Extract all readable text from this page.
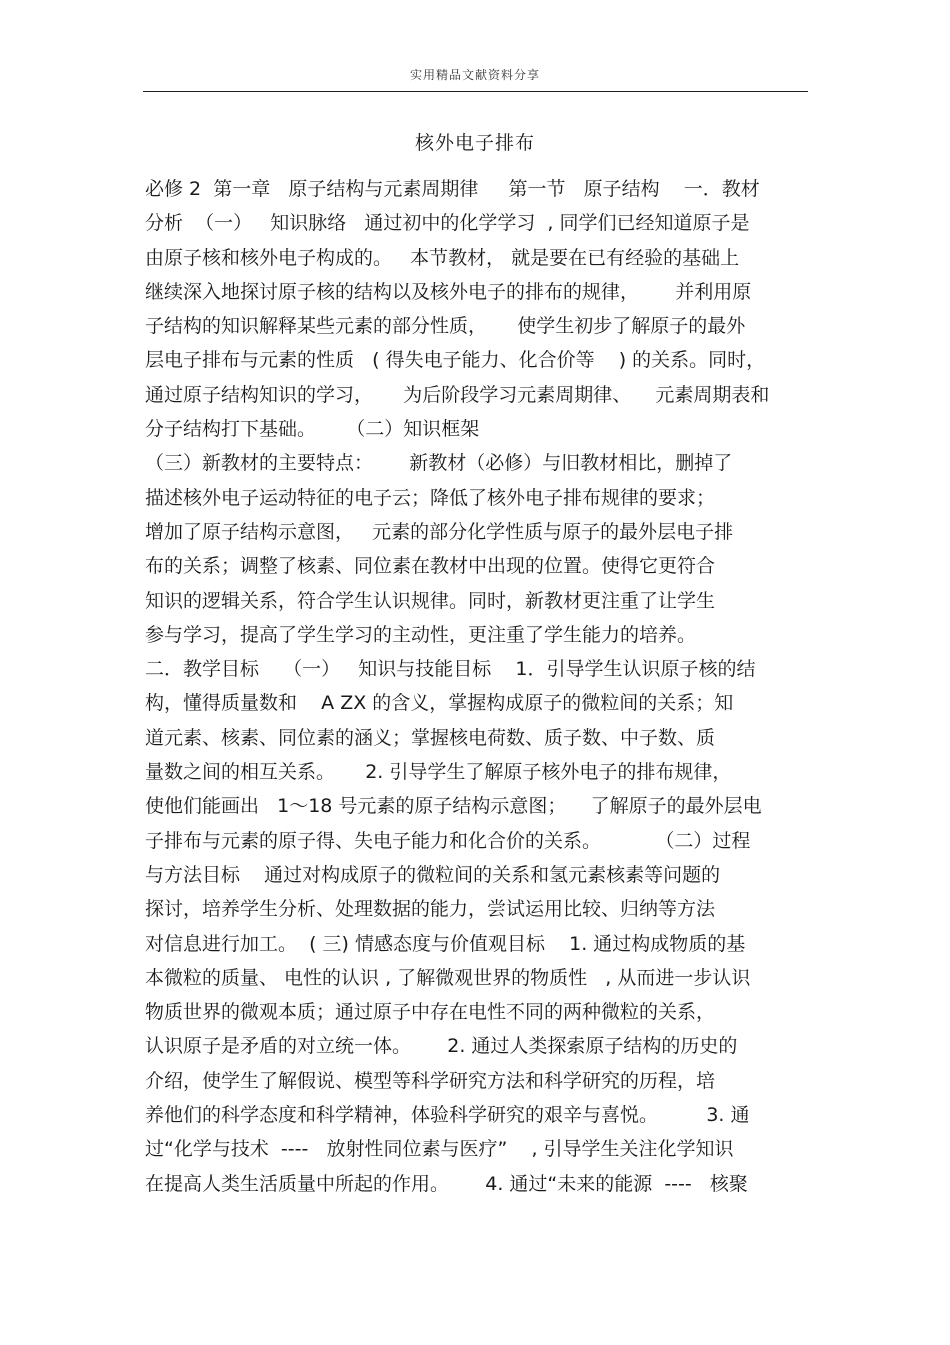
实用精品文献资料分享
核外电子排布
必修 2  第一章   原子结构与元素周期律     第一节   原子结构    一．教材
分析  （一）   知识脉络   通过初中的化学学习  , 同学们已经知道原子是
由原子核和核外电子构成的。   本节教材， 就是要在已有经验的基础上
继续深入地探讨原子核的结构以及核外电子的排布的规律，      并利用原
子结构的知识解释某些元素的部分性质，     使学生初步了解原子的最外
层电子排布与元素的性质   ( 得失电子能力、化合价等    ) 的关系。同时，
通过原子结构知识的学习，     为后阶段学习元素周期律、    元素周期表和
分子结构打下基础。     （二）知识框架
（三）新教材的主要特点：      新教材（必修）与旧教材相比，删掉了
描述核外电子运动特征的电子云；降低了核外电子排布规律的要求；
增加了原子结构示意图，   元素的部分化学性质与原子的最外层电子排
布的关系；调整了核素、同位素在教材中出现的位置。使得它更符合
知识的逻辑关系，符合学生认识规律。同时，新教材更注重了让学生
参与学习，提高了学生学习的主动性，更注重了学生能力的培养。
二．教学目标    （一）   知识与技能目标    1．引导学生认识原子核的结
构，懂得质量数和    A ZX 的含义，掌握构成原子的微粒间的关系；知
道元素、核素、同位素的涵义；掌握核电荷数、质子数、中子数、质
量数之间的相互关系。     2. 引导学生了解原子核外电子的排布规律，
使他们能画出   1～18 号元素的原子结构示意图；    了解原子的最外层电
子排布与元素的原子得、失电子能力和化合价的关系。         （二）过程
与方法目标    通过对构成原子的微粒间的关系和氢元素核素等问题的
探讨，培养学生分析、处理数据的能力，尝试运用比较、归纳等方法
对信息进行加工。  ( 三) 情感态度与价值观目标    1. 通过构成物质的基
本微粒的质量、 电性的认识 , 了解微观世界的物质性   , 从而进一步认识
物质世界的微观本质；通过原子中存在电性不同的两种微粒的关系，
认识原子是矛盾的对立统一体。      2. 通过人类探索原子结构的历史的
介绍，使学生了解假说、模型等科学研究方法和科学研究的历程，培
养他们的科学态度和科学精神，体验科学研究的艰辛与喜悦。        3. 通
过“化学与技术  ----   放射性同位素与医疗”    , 引导学生关注化学知识
在提高人类生活质量中所起的作用。      4. 通过“未来的能源  ----   核聚
